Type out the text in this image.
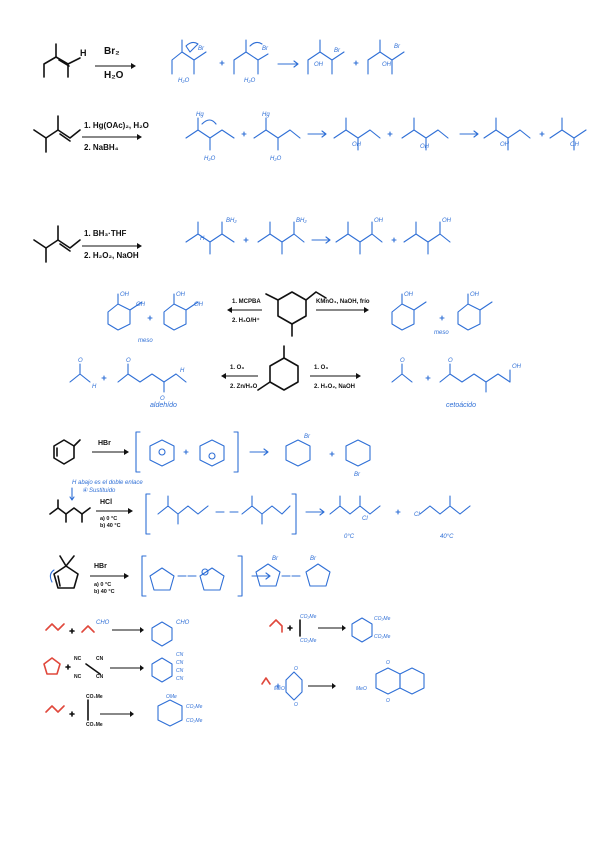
H Br₂
H₂O
Br	Br
H₂O	H₂O
OH
Br
Br
OH
1. Hg(OAc)₂, H₂O
2. NaBH₄
Hg	Hg
H₂O	H₂O
OH	OH	OH	OH
1. BH₃·THF
2. H₂O₂, NaOH
BH₂
H
BH₂	OH	OH
1. MCPBA
2. H₃O/H⁺
KMnO₄, NaOH, frío
OH	OH	OH	OH
meso
OH	OH
meso
1. O₃
2. Zn/H₂O
1. O₃
2. H₂O₂, NaOH
H
O	O
H
O
aldehído
O	O
OH
cetoácido
HBr
Br
Br
H abajo es el doble enlace
④ Sustituido
HCl
a) 0 °C
b) 40 °C
Cl
Cl
0°C	40°C
HBr
a) 0 °C
b) 40 °C
Br	Br
CHO	CHO
NC	CN
NC	CN
CN
CN
CN
CN
CO₂Me
CO₂Me
OMe
CO₂Me
CO₂Me
CO₂Me
CO₂Me
CO₂Me
CO₂Me
O
O
MeO
O
O
MeO
